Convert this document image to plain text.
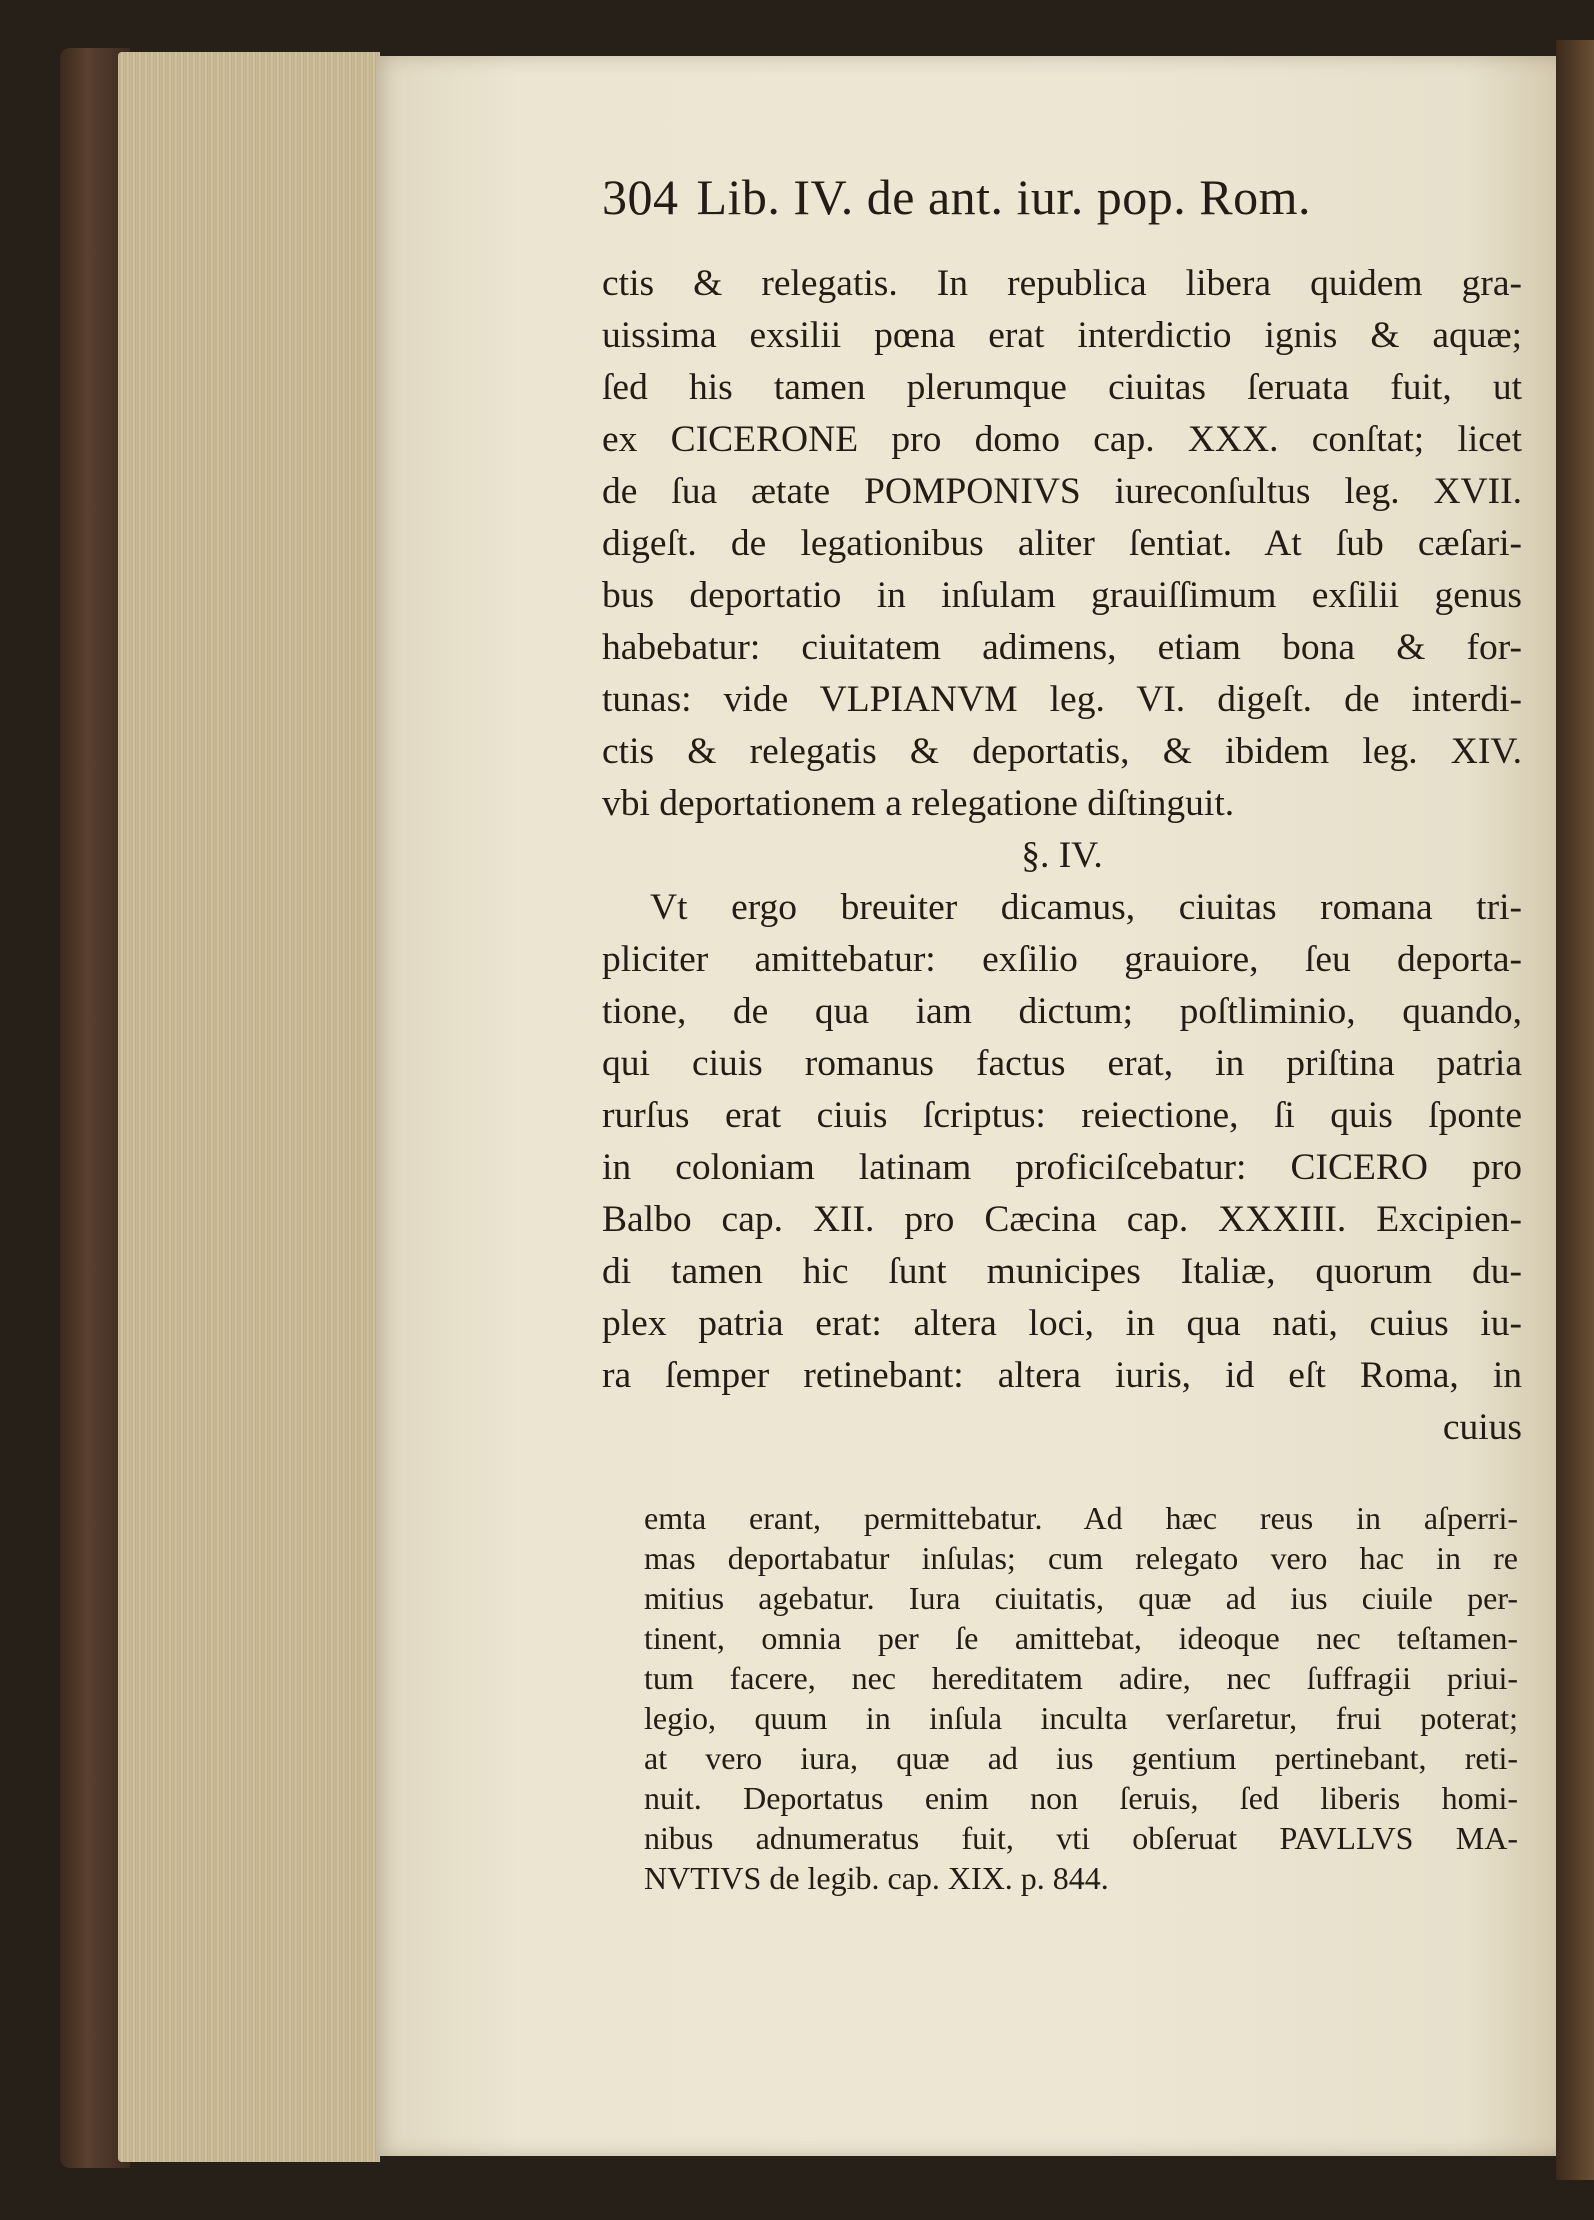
304 Lib. IV. de ant. iur. pop. Rom.
ctis & relegatis. In republica libera quidem gra-
uissima exsilii pœna erat interdictio ignis & aquæ;
ſed his tamen plerumque ciuitas ſeruata fuit, ut
ex CICERONE pro domo cap. XXX. conſtat; licet
de ſua ætate POMPONIVS iureconſultus leg. XVII.
digeſt. de legationibus aliter ſentiat. At ſub cæſari-
bus deportatio in inſulam grauiſſimum exſilii genus
habebatur: ciuitatem adimens, etiam bona & for-
tunas: vide VLPIANVM leg. VI. digeſt. de interdi-
ctis & relegatis & deportatis, & ibidem leg. XIV.
vbi deportationem a relegatione diſtinguit.
§. IV.
Vt ergo breuiter dicamus, ciuitas romana tri-
pliciter amittebatur: exſilio grauiore, ſeu deporta-
tione, de qua iam dictum; poſtliminio, quando,
qui ciuis romanus factus erat, in priſtina patria
rurſus erat ciuis ſcriptus: reiectione, ſi quis ſponte
in coloniam latinam proficiſcebatur: CICERO pro
Balbo cap. XII. pro Cæcina cap. XXXIII. Excipien-
di tamen hic ſunt municipes Italiæ, quorum du-
plex patria erat: altera loci, in qua nati, cuius iu-
ra ſemper retinebant: altera iuris, id eſt Roma, in
cuius
emta erant, permittebatur. Ad hæc reus in aſperri-
mas deportabatur inſulas; cum relegato vero hac in re
mitius agebatur. Iura ciuitatis, quæ ad ius ciuile per-
tinent, omnia per ſe amittebat, ideoque nec teſtamen-
tum facere, nec hereditatem adire, nec ſuffragii priui-
legio, quum in inſula inculta verſaretur, frui poterat;
at vero iura, quæ ad ius gentium pertinebant, reti-
nuit. Deportatus enim non ſeruis, ſed liberis homi-
nibus adnumeratus fuit, vti obſeruat PAVLLVS MA-
NVTIVS de legib. cap. XIX. p. 844.
